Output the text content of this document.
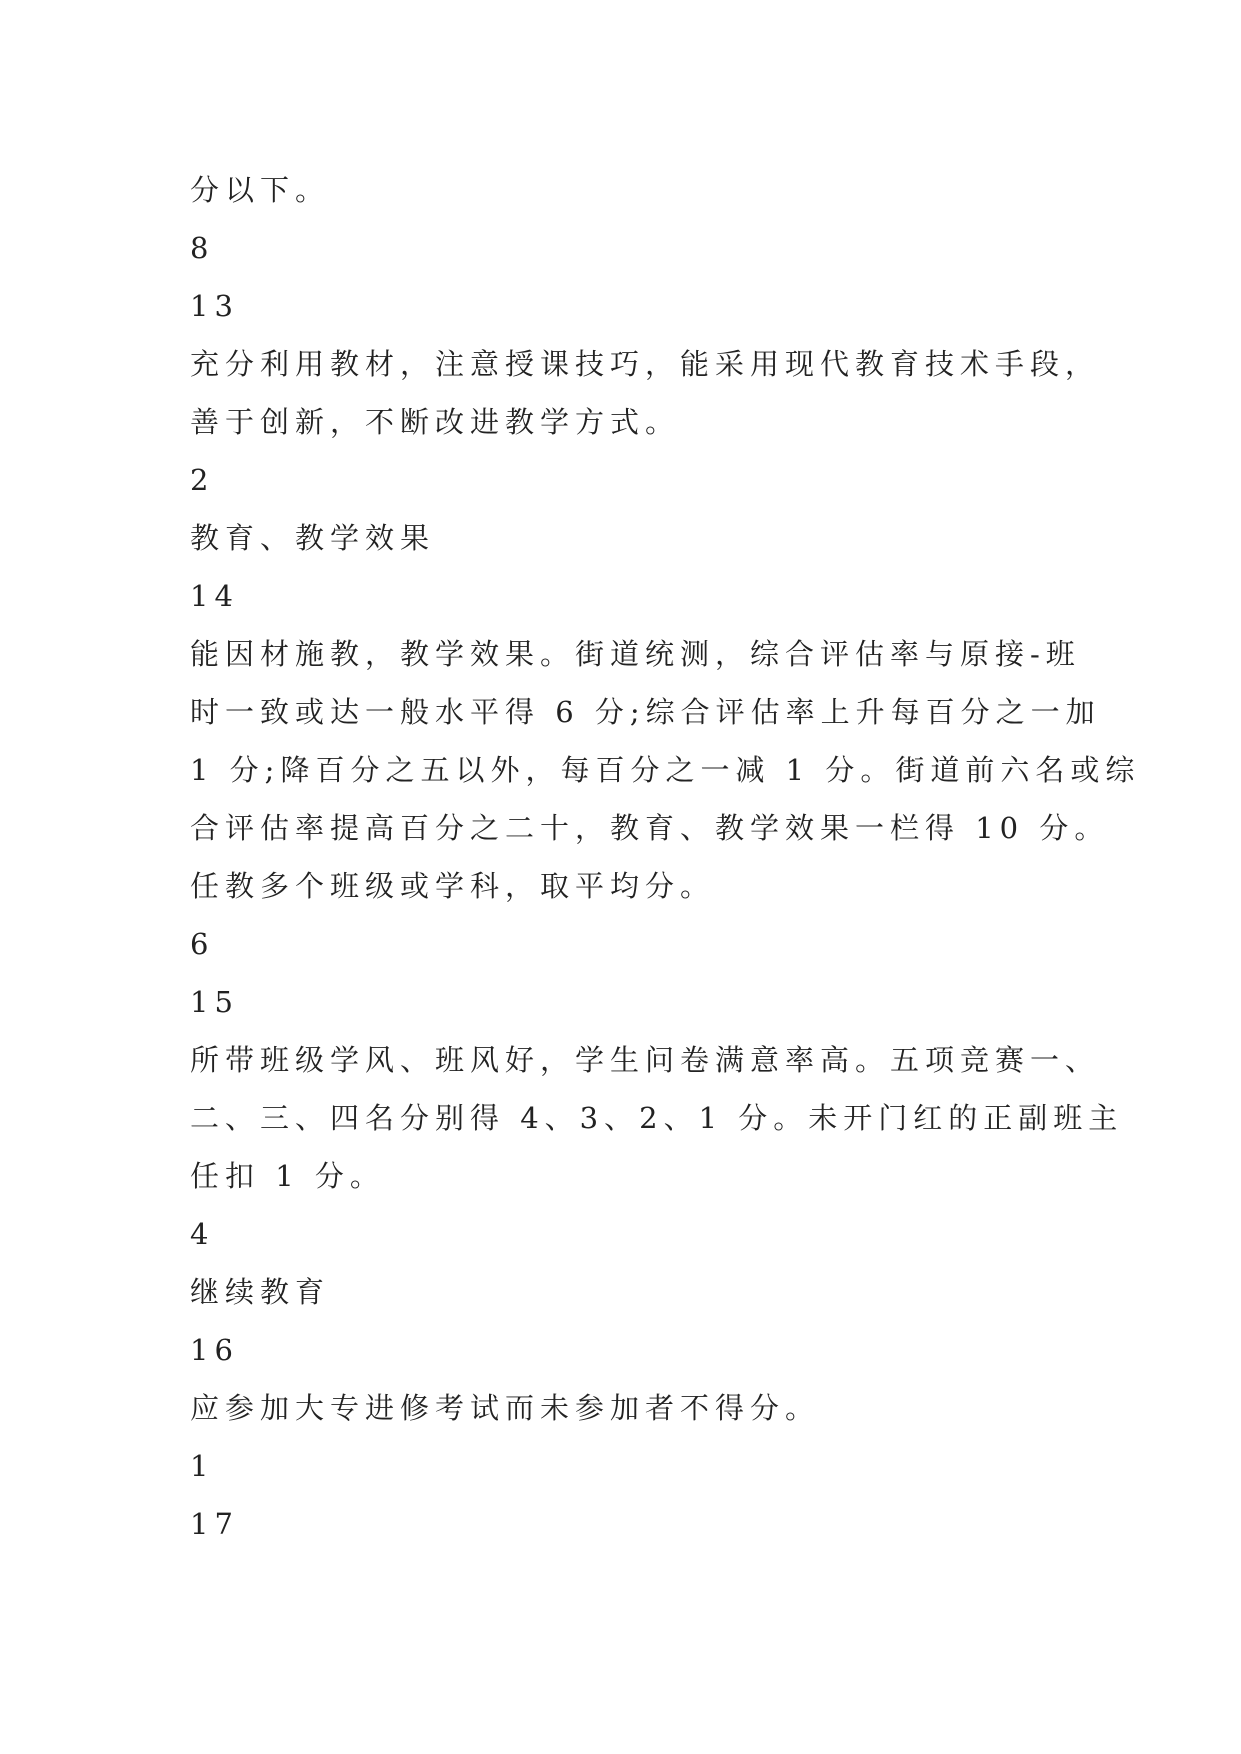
分以下。
8
13
充分利用教材，注意授课技巧，能采用现代教育技术手段，
善于创新，不断改进教学方式。
2
教育、教学效果
14
能因材施教，教学效果。街道统测，综合评估率与原接-班
时一致或达一般水平得 6 分;综合评估率上升每百分之一加
1 分;降百分之五以外，每百分之一减 1 分。街道前六名或综
合评估率提高百分之二十，教育、教学效果一栏得 10 分。
任教多个班级或学科，取平均分。
6
15
所带班级学风、班风好，学生问卷满意率高。五项竞赛一、
二、三、四名分别得 4、3、2、1 分。未开门红的正副班主
任扣 1 分。
4
继续教育
16
应参加大专进修考试而未参加者不得分。
1
17
